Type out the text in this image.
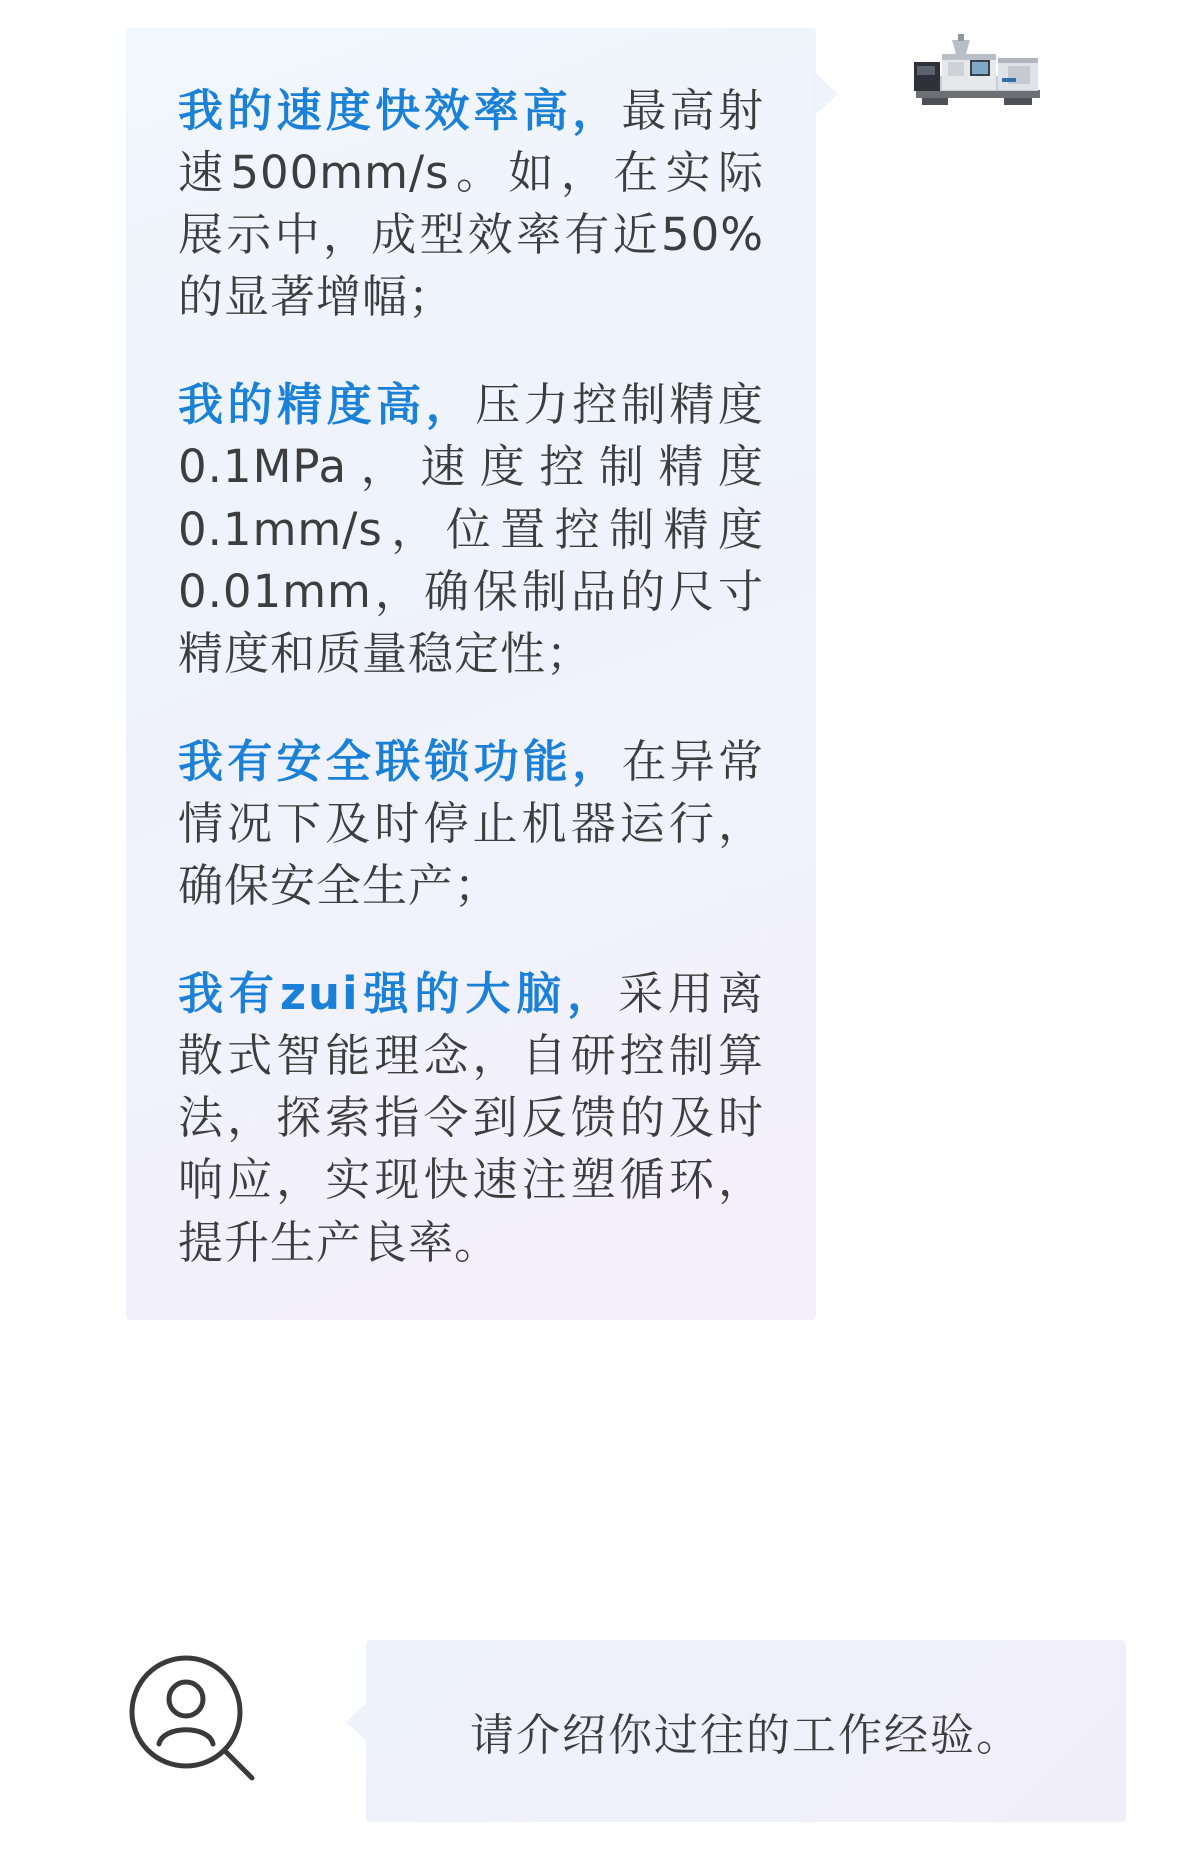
我的速度快效率高，最高射速500mm/s。如，在实际展示中，成型效率有近50%的显著增幅；

我的精度高，压力控制精度0.1MPa，速度控制精度0.1mm/s，位置控制精度0.01mm，确保制品的尺寸精度和质量稳定性；

我有安全联锁功能，在异常情况下及时停止机器运行，确保安全生产；

我有zui强的大脑，采用离散式智能理念，自研控制算法，探索指令到反馈的及时响应，实现快速注塑循环，提升生产良率。

请介绍你过往的工作经验。
